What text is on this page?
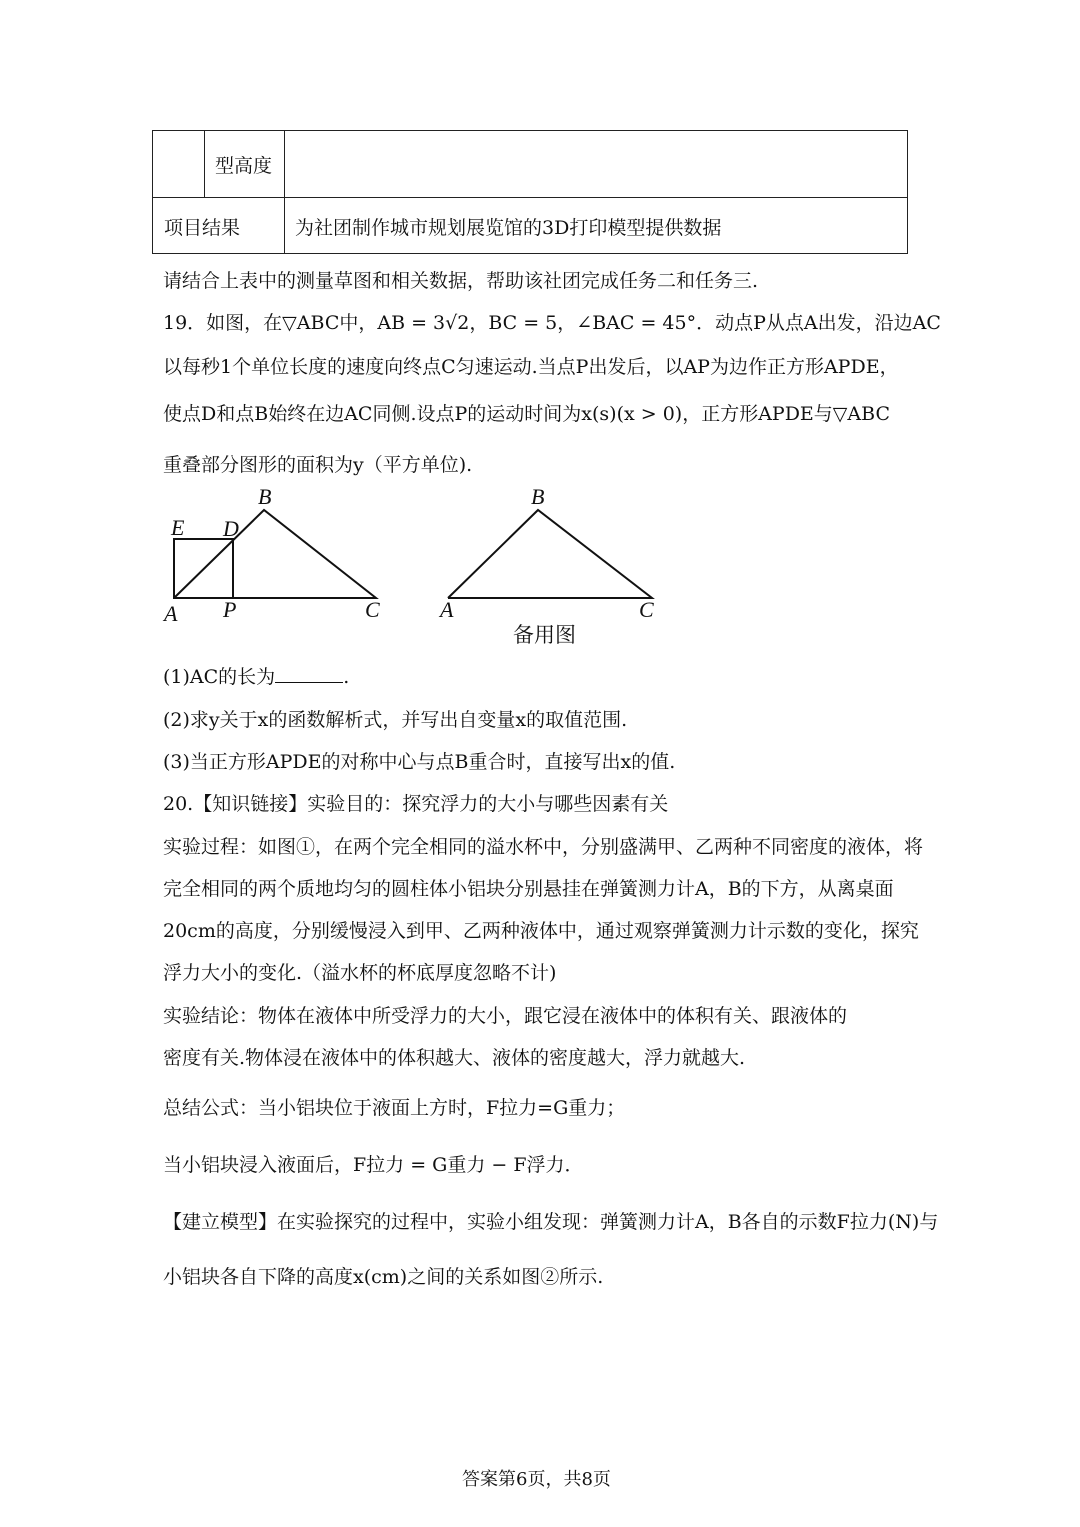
型高度
项目结果	为社团制作城市规划展览馆的3D打印模型提供数据
请结合上表中的测量草图和相关数据，帮助该社团完成任务二和任务三.
19．如图，在▽ABC中，AB = 3√2，BC = 5，∠BAC = 45°．动点P从点A出发，沿边AC
以每秒1个单位长度的速度向终点C匀速运动.当点P出发后，以AP为边作正方形APDE，
使点D和点B始终在边AC同侧.设点P的运动时间为x(s)(x > 0)，正方形APDE与▽ABC
重叠部分图形的面积为y（平方单位).
B
E D
A P	C
B
A	C
备用图
(1)AC的长为	.
(2)求y关于x的函数解析式，并写出自变量x的取值范围.
(3)当正方形APDE的对称中心与点B重合时，直接写出x的值.
20.【知识链接】实验目的：探究浮力的大小与哪些因素有关
实验过程：如图①，在两个完全相同的溢水杯中，分别盛满甲、乙两种不同密度的液体，将
完全相同的两个质地均匀的圆柱体小铝块分别悬挂在弹簧测力计A，B的下方，从离桌面
20cm的高度，分别缓慢浸入到甲、乙两种液体中，通过观察弹簧测力计示数的变化，探究
浮力大小的变化.（溢水杯的杯底厚度忽略不计)
实验结论：物体在液体中所受浮力的大小，跟它浸在液体中的体积有关、跟液体的
密度有关.物体浸在液体中的体积越大、液体的密度越大，浮力就越大.
总结公式：当小铝块位于液面上方时，F拉力=G重力；
当小铝块浸入液面后，F拉力 = G重力 − F浮力．
【建立模型】在实验探究的过程中，实验小组发现：弹簧测力计A，B各自的示数F拉力(N)与
小铝块各自下降的高度x(cm)之间的关系如图②所示.
答案第6页，共8页
